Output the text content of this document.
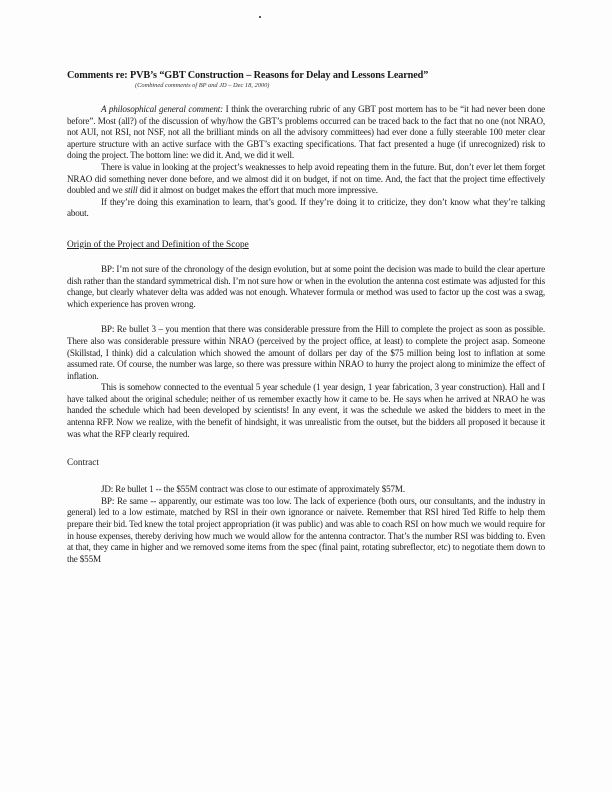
Comments re: PVB’s “GBT Construction – Reasons for Delay and Lessons Learned”
(Combined comments of BP and JD – Dec 18, 2000)

A philosophical general comment: I think the overarching rubric of any GBT post mortem has to be “it had never been done before”. Most (all?) of the discussion of why/how the GBT’s problems occurred can be traced back to the fact that no one (not NRAO, not AUI, not RSI, not NSF, not all the brilliant minds on all the advisory committees) had ever done a fully steerable 100 meter clear aperture structure with an active surface with the GBT’s exacting specifications. That fact presented a huge (if unrecognized) risk to doing the project. The bottom line: we did it. And, we did it well.

There is value in looking at the project’s weaknesses to help avoid repeating them in the future. But, don’t ever let them forget NRAO did something never done before, and we almost did it on budget, if not on time. And, the fact that the project time effectively doubled and we still did it almost on budget makes the effort that much more impressive.

If they’re doing this examination to learn, that’s good. If they’re doing it to criticize, they don’t know what they’re talking about.

Origin of the Project and Definition of the Scope

BP: I’m not sure of the chronology of the design evolution, but at some point the decision was made to build the clear aperture dish rather than the standard symmetrical dish. I’m not sure how or when in the evolution the antenna cost estimate was adjusted for this change, but clearly whatever delta was added was not enough. Whatever formula or method was used to factor up the cost was a swag, which experience has proven wrong.

BP: Re bullet 3 – you mention that there was considerable pressure from the Hill to complete the project as soon as possible. There also was considerable pressure within NRAO (perceived by the project office, at least) to complete the project asap. Someone (Skillstad, I think) did a calculation which showed the amount of dollars per day of the $75 million being lost to inflation at some assumed rate. Of course, the number was large, so there was pressure within NRAO to hurry the project along to minimize the effect of inflation.

This is somehow connected to the eventual 5 year schedule (1 year design, 1 year fabrication, 3 year construction). Hall and I have talked about the original schedule; neither of us remember exactly how it came to be. He says when he arrived at NRAO he was handed the schedule which had been developed by scientists! In any event, it was the schedule we asked the bidders to meet in the antenna RFP. Now we realize, with the benefit of hindsight, it was unrealistic from the outset, but the bidders all proposed it because it was what the RFP clearly required.

Contract

JD: Re bullet 1 -- the $55M contract was close to our estimate of approximately $57M.

BP: Re same -- apparently, our estimate was too low. The lack of experience (both ours, our consultants, and the industry in general) led to a low estimate, matched by RSI in their own ignorance or naivete. Remember that RSI hired Ted Riffe to help them prepare their bid. Ted knew the total project appropriation (it was public) and was able to coach RSI on how much we would require for in house expenses, thereby deriving how much we would allow for the antenna contractor. That’s the number RSI was bidding to. Even at that, they came in higher and we removed some items from the spec (final paint, rotating subreflector, etc) to negotiate them down to the $55M
